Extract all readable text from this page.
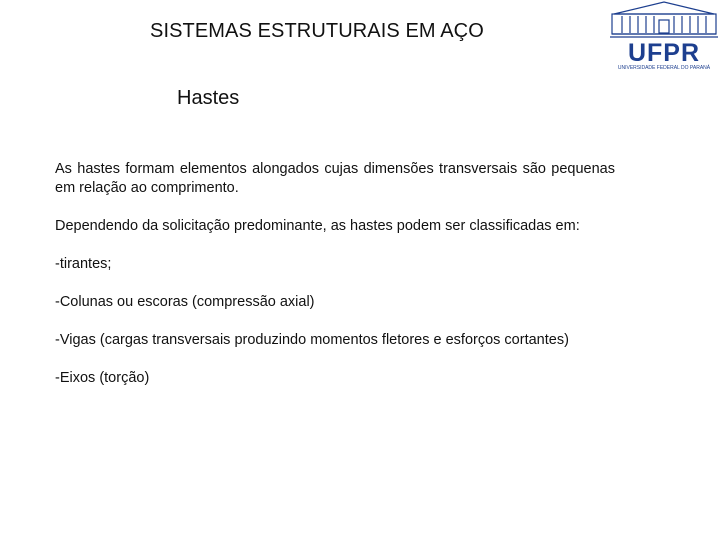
SISTEMAS ESTRUTURAIS EM AÇO
UFPR
UNIVERSIDADE FEDERAL DO PARANÁ
Hastes

As hastes formam elementos alongados cujas dimensões transversais são pequenas em relação ao comprimento.

Dependendo da solicitação predominante, as hastes podem ser classificadas em:

-tirantes;

-Colunas ou escoras (compressão axial)

-Vigas (cargas transversais produzindo momentos fletores e esforços cortantes)

-Eixos (torção)
